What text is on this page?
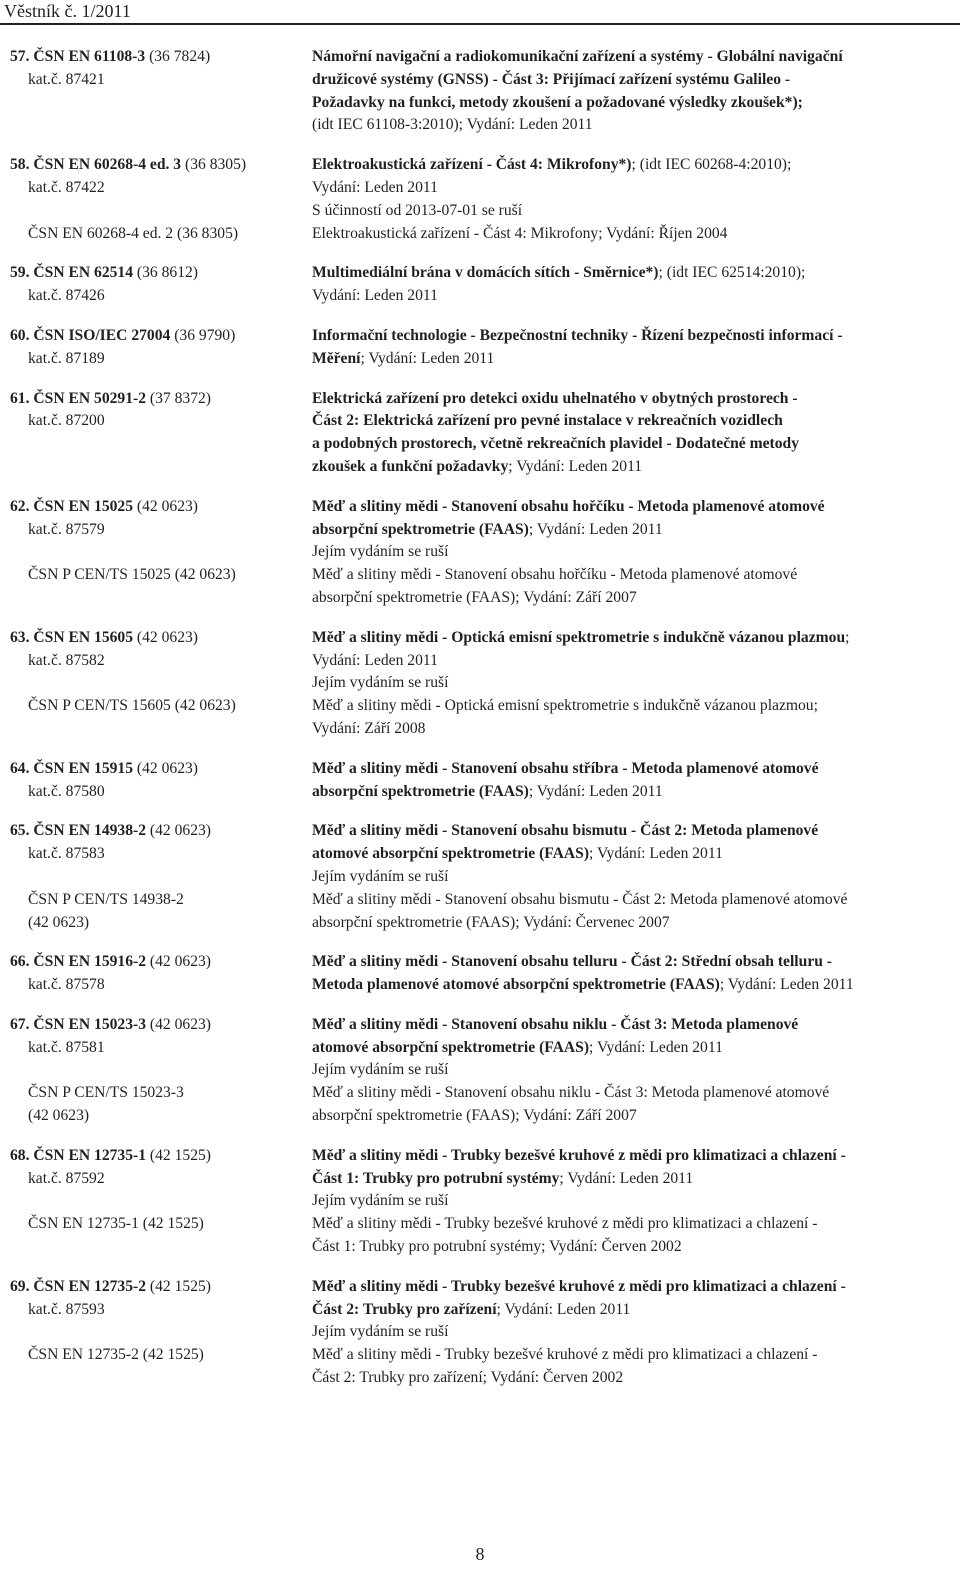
Věstník č. 1/2011
57. ČSN EN 61108-3 (36 7824)	Námořní navigační a radiokomunikační zařízení a systémy - Globální navigační
kat.č. 87421	družicové systémy (GNSS) - Část 3: Přijímací zařízení systému Galileo -
Požadavky na funkci, metody zkoušení a požadované výsledky zkoušek*);
(idt IEC 61108-3:2010); Vydání: Leden 2011
58. ČSN EN 60268-4 ed. 3 (36 8305)	Elektroakustická zařízení - Část 4: Mikrofony*); (idt IEC 60268-4:2010);
kat.č. 87422	Vydání: Leden 2011
S účinností od 2013-07-01 se ruší
ČSN EN 60268-4 ed. 2 (36 8305)	Elektroakustická zařízení - Část 4: Mikrofony; Vydání: Říjen 2004
59. ČSN EN 62514 (36 8612)	Multimediální brána v domácích sítích - Směrnice*); (idt IEC 62514:2010);
kat.č. 87426	Vydání: Leden 2011
60. ČSN ISO/IEC 27004 (36 9790)	Informační technologie - Bezpečnostní techniky - Řízení bezpečnosti informací -
kat.č. 87189	Měření; Vydání: Leden 2011
61. ČSN EN 50291-2 (37 8372)	Elektrická zařízení pro detekci oxidu uhelnatého v obytných prostorech -
kat.č. 87200	Část 2: Elektrická zařízení pro pevné instalace v rekreačních vozidlech
a podobných prostorech, včetně rekreačních plavidel - Dodatečné metody
zkoušek a funkční požadavky; Vydání: Leden 2011
62. ČSN EN 15025 (42 0623)	Měď a slitiny mědi - Stanovení obsahu hořčíku - Metoda plamenové atomové
kat.č. 87579	absorpční spektrometrie (FAAS); Vydání: Leden 2011
Jejím vydáním se ruší
ČSN P CEN/TS 15025 (42 0623)	Měď a slitiny mědi - Stanovení obsahu hořčíku - Metoda plamenové atomové
absorpční spektrometrie (FAAS); Vydání: Září 2007
63. ČSN EN 15605 (42 0623)	Měď a slitiny mědi - Optická emisní spektrometrie s indukčně vázanou plazmou;
kat.č. 87582	Vydání: Leden 2011
Jejím vydáním se ruší
ČSN P CEN/TS 15605 (42 0623)	Měď a slitiny mědi - Optická emisní spektrometrie s indukčně vázanou plazmou;
Vydání: Září 2008
64. ČSN EN 15915 (42 0623)	Měď a slitiny mědi - Stanovení obsahu stříbra - Metoda plamenové atomové
kat.č. 87580	absorpční spektrometrie (FAAS); Vydání: Leden 2011
65. ČSN EN 14938-2 (42 0623)	Měď a slitiny mědi - Stanovení obsahu bismutu - Část 2: Metoda plamenové
kat.č. 87583	atomové absorpční spektrometrie (FAAS); Vydání: Leden 2011
Jejím vydáním se ruší
ČSN P CEN/TS 14938-2	Měď a slitiny mědi - Stanovení obsahu bismutu - Část 2: Metoda plamenové atomové
(42 0623)	absorpční spektrometrie (FAAS); Vydání: Červenec 2007
66. ČSN EN 15916-2 (42 0623)	Měď a slitiny mědi - Stanovení obsahu telluru - Část 2: Střední obsah telluru -
kat.č. 87578	Metoda plamenové atomové absorpční spektrometrie (FAAS); Vydání: Leden 2011
67. ČSN EN 15023-3 (42 0623)	Měď a slitiny mědi - Stanovení obsahu niklu - Část 3: Metoda plamenové
kat.č. 87581	atomové absorpční spektrometrie (FAAS); Vydání: Leden 2011
Jejím vydáním se ruší
ČSN P CEN/TS 15023-3	Měď a slitiny mědi - Stanovení obsahu niklu - Část 3: Metoda plamenové atomové
(42 0623)	absorpční spektrometrie (FAAS); Vydání: Září 2007
68. ČSN EN 12735-1 (42 1525)	Měď a slitiny mědi - Trubky bezešvé kruhové z mědi pro klimatizaci a chlazení -
kat.č. 87592	Část 1: Trubky pro potrubní systémy; Vydání: Leden 2011
Jejím vydáním se ruší
ČSN EN 12735-1 (42 1525)	Měď a slitiny mědi - Trubky bezešvé kruhové z mědi pro klimatizaci a chlazení -
Část 1: Trubky pro potrubní systémy; Vydání: Červen 2002
69. ČSN EN 12735-2 (42 1525)	Měď a slitiny mědi - Trubky bezešvé kruhové z mědi pro klimatizaci a chlazení -
kat.č. 87593	Část 2: Trubky pro zařízení; Vydání: Leden 2011
Jejím vydáním se ruší
ČSN EN 12735-2 (42 1525)	Měď a slitiny mědi - Trubky bezešvé kruhové z mědi pro klimatizaci a chlazení -
Část 2: Trubky pro zařízení; Vydání: Červen 2002
8
